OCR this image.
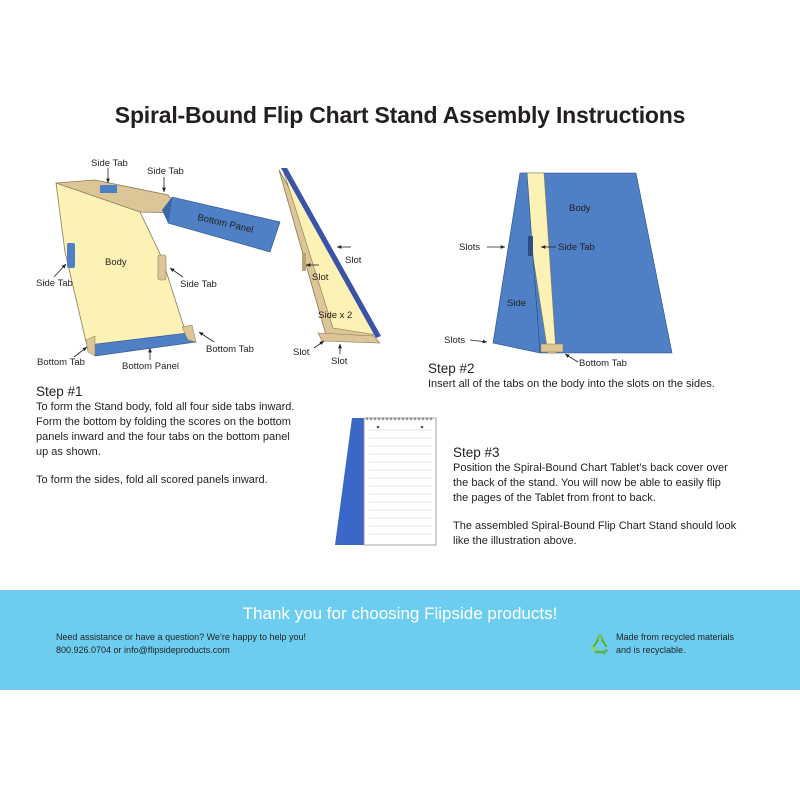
Spiral-Bound Flip Chart Stand Assembly Instructions
Side Tab
Side Tab
Bottom Panel
Body
Side Tab	Side Tab
Bottom Tab
Bottom Tab
Bottom Panel
Slot
Slot
Side x 2
Slot
Slot
Body
Slots	Side Tab
Side
Slots
Bottom Tab
Step #1
To form the Stand body, fold all four side tabs inward.
Form the bottom by folding the scores on the bottom
panels inward and the four tabs on the bottom panel
up as shown.
To form the sides, fold all scored panels inward.
Step #2
Insert all of the tabs on the body into the slots on the sides.
Step #3
Position the Spiral-Bound Chart Tablet’s back cover over
the back of the stand. You will now be able to easily flip
the pages of the Tablet from front to back.
The assembled Spiral-Bound Flip Chart Stand should look
like the illustration above.
Thank you for choosing Flipside products!
Need assistance or have a question? We’re happy to help you!
800.926.0704 or info@flipsideproducts.com
Made from recycled materials
and is recyclable.
